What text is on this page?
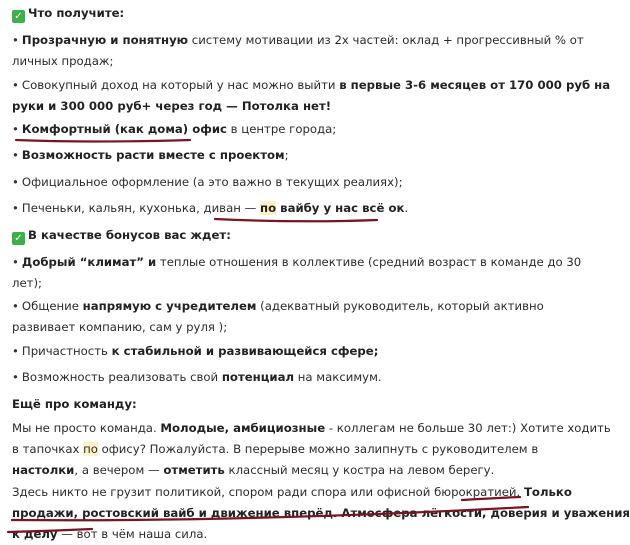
✓ Что получите:
• Прозрачную и понятную систему мотивации из 2х частей: оклад + прогрессивный % от
личных продаж;
• Совокупный доход на который у нас можно выйти в первые 3-6 месяцев от 170 000 руб на
руки и 300 000 руб+ через год — Потолка нет!
• Комфортный (как дома) офис в центре города;
• Возможность расти вместе с проектом;
• Официальное оформление (а это важно в текущих реалиях);
• Печеньки, кальян, кухонька, диван — по вайбу у нас всё ок.
✓ В качестве бонусов вас ждет:
• Добрый “климат” и теплые отношения в коллективе (средний возраст в команде до 30
лет);
• Общение напрямую с учредителем (адекватный руководитель, который активно
развивает компанию, сам у руля );
• Причастность к стабильной и развивающейся сфере;
• Возможность реализовать свой потенциал на максимум.
Ещё про команду:
Мы не просто команда. Молодые, амбициозные - коллегам не больше 30 лет:) Хотите ходить
в тапочках по офису? Пожалуйста. В перерыве можно залипнуть с руководителем в
настолки, а вечером — отметить классный месяц у костра на левом берегу.
Здесь никто не грузит политикой, спором ради спора или офисной бюрократией. Только
продажи, ростовский вайб и движение вперёд. Атмосфера лёгкости, доверия и уважения
к делу — вот в чём наша сила.
